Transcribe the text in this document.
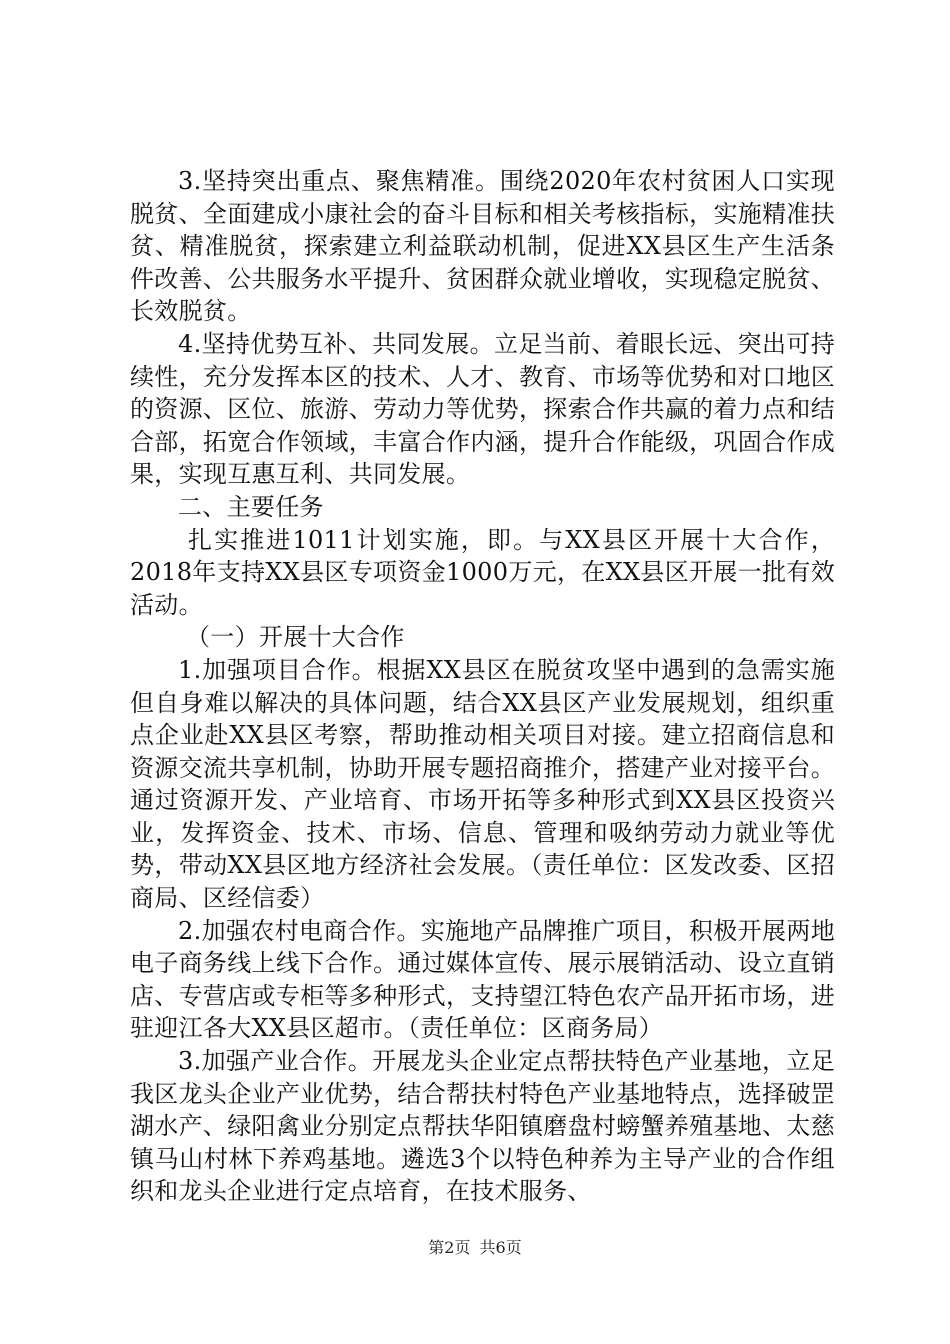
3.坚持突出重点、聚焦精准。围绕2020年农村贫困人口实现脱贫、全面建成小康社会的奋斗目标和相关考核指标，实施精准扶贫、精准脱贫，探索建立利益联动机制，促进XX县区生产生活条件改善、公共服务水平提升、贫困群众就业增收，实现稳定脱贫、长效脱贫。

4.坚持优势互补、共同发展。立足当前、着眼长远、突出可持续性，充分发挥本区的技术、人才、教育、市场等优势和对口地区的资源、区位、旅游、劳动力等优势，探索合作共赢的着力点和结合部，拓宽合作领域，丰富合作内涵，提升合作能级，巩固合作成果，实现互惠互利、共同发展。

二、主要任务

扎实推进1011计划实施，即。与XX县区开展十大合作，2018年支持XX县区专项资金1000万元，在XX县区开展一批有效活动。

（一）开展十大合作

1.加强项目合作。根据XX县区在脱贫攻坚中遇到的急需实施但自身难以解决的具体问题，结合XX县区产业发展规划，组织重点企业赴XX县区考察，帮助推动相关项目对接。建立招商信息和资源交流共享机制，协助开展专题招商推介，搭建产业对接平台。通过资源开发、产业培育、市场开拓等多种形式到XX县区投资兴业，发挥资金、技术、市场、信息、管理和吸纳劳动力就业等优势，带动XX县区地方经济社会发展。（责任单位：区发改委、区招商局、区经信委）

2.加强农村电商合作。实施地产品牌推广项目，积极开展两地电子商务线上线下合作。通过媒体宣传、展示展销活动、设立直销店、专营店或专柜等多种形式，支持望江特色农产品开拓市场，进驻迎江各大XX县区超市。（责任单位：区商务局）

3.加强产业合作。开展龙头企业定点帮扶特色产业基地，立足我区龙头企业产业优势，结合帮扶村特色产业基地特点，选择破罡湖水产、绿阳禽业分别定点帮扶华阳镇磨盘村螃蟹养殖基地、太慈镇马山村林下养鸡基地。遴选3个以特色种养为主导产业的合作组织和龙头企业进行定点培育，在技术服务、

第2页 共6页
